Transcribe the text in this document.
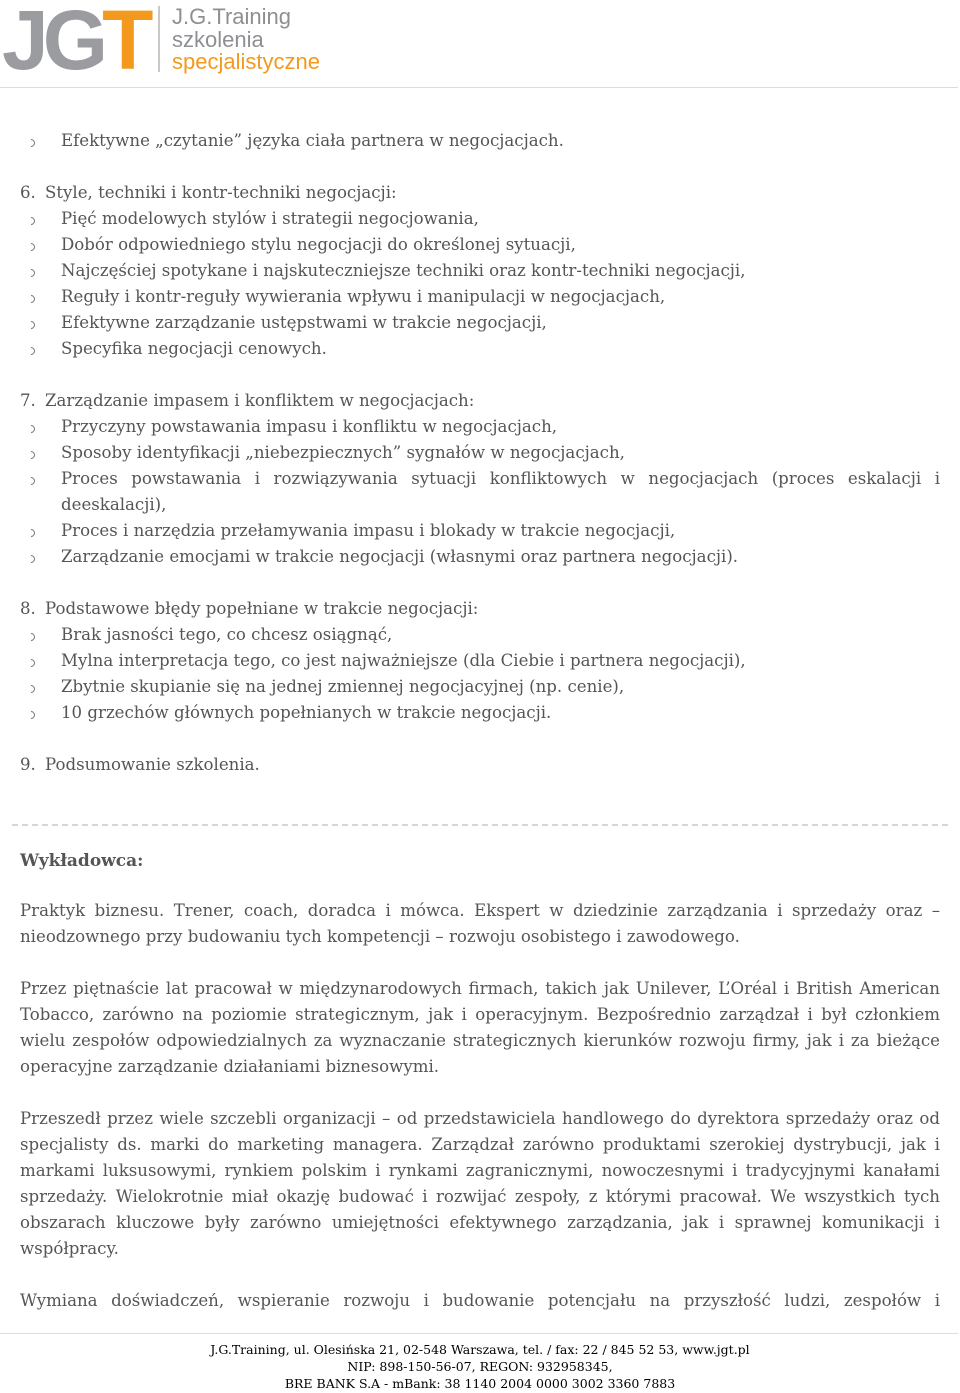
JGT J.G.Training
szkolenia
specjalistyczne
Efektywne „czytanie” języka ciała partnera w negocjacjach.
6. Style, techniki i kontr-techniki negocjacji:
Pięć modelowych stylów i strategii negocjowania,
Dobór odpowiedniego stylu negocjacji do określonej sytuacji,
Najczęściej spotykane i najskuteczniejsze techniki oraz kontr-techniki negocjacji,
Reguły i kontr-reguły wywierania wpływu i manipulacji w negocjacjach,
Efektywne zarządzanie ustępstwami w trakcie negocjacji,
Specyfika negocjacji cenowych.
7. Zarządzanie impasem i konfliktem w negocjacjach:
Przyczyny powstawania impasu i konfliktu w negocjacjach,
Sposoby identyfikacji „niebezpiecznych” sygnałów w negocjacjach,
Proces powstawania i rozwiązywania sytuacji konfliktowych w negocjacjach (proces eskalacji i deeskalacji),
Proces i narzędzia przełamywania impasu i blokady w trakcie negocjacji,
Zarządzanie emocjami w trakcie negocjacji (własnymi oraz partnera negocjacji).
8. Podstawowe błędy popełniane w trakcie negocjacji:
Brak jasności tego, co chcesz osiągnąć,
Mylna interpretacja tego, co jest najważniejsze (dla Ciebie i partnera negocjacji),
Zbytnie skupianie się na jednej zmiennej negocjacyjnej (np. cenie),
10 grzechów głównych popełnianych w trakcie negocjacji.
9. Podsumowanie szkolenia.
Wykładowca:
Praktyk biznesu. Trener, coach, doradca i mówca. Ekspert w dziedzinie zarządzania i sprzedaży oraz – nieodzownego przy budowaniu tych kompetencji – rozwoju osobistego i zawodowego.
Przez piętnaście lat pracował w międzynarodowych firmach, takich jak Unilever, L’Oréal i British American Tobacco, zarówno na poziomie strategicznym, jak i operacyjnym. Bezpośrednio zarządzał i był członkiem wielu zespołów odpowiedzialnych za wyznaczanie strategicznych kierunków rozwoju firmy, jak i za bieżące operacyjne zarządzanie działaniami biznesowymi.
Przeszedł przez wiele szczebli organizacji – od przedstawiciela handlowego do dyrektora sprzedaży oraz od specjalisty ds. marki do marketing managera. Zarządzał zarówno produktami szerokiej dystrybucji, jak i markami luksusowymi, rynkiem polskim i rynkami zagranicznymi, nowoczesnymi i tradycyjnymi kanałami sprzedaży. Wielokrotnie miał okazję budować i rozwijać zespoły, z którymi pracował. We wszystkich tych obszarach kluczowe były zarówno umiejętności efektywnego zarządzania, jak i sprawnej komunikacji i współpracy.
Wymiana doświadczeń, wspieranie rozwoju i budowanie potencjału na przyszłość ludzi, zespołów i
J.G.Training, ul. Olesińska 21, 02-548 Warszawa, tel. / fax: 22 / 845 52 53, www.jgt.pl
NIP: 898-150-56-07, REGON: 932958345,
BRE BANK S.A - mBank: 38 1140 2004 0000 3002 3360 7883
